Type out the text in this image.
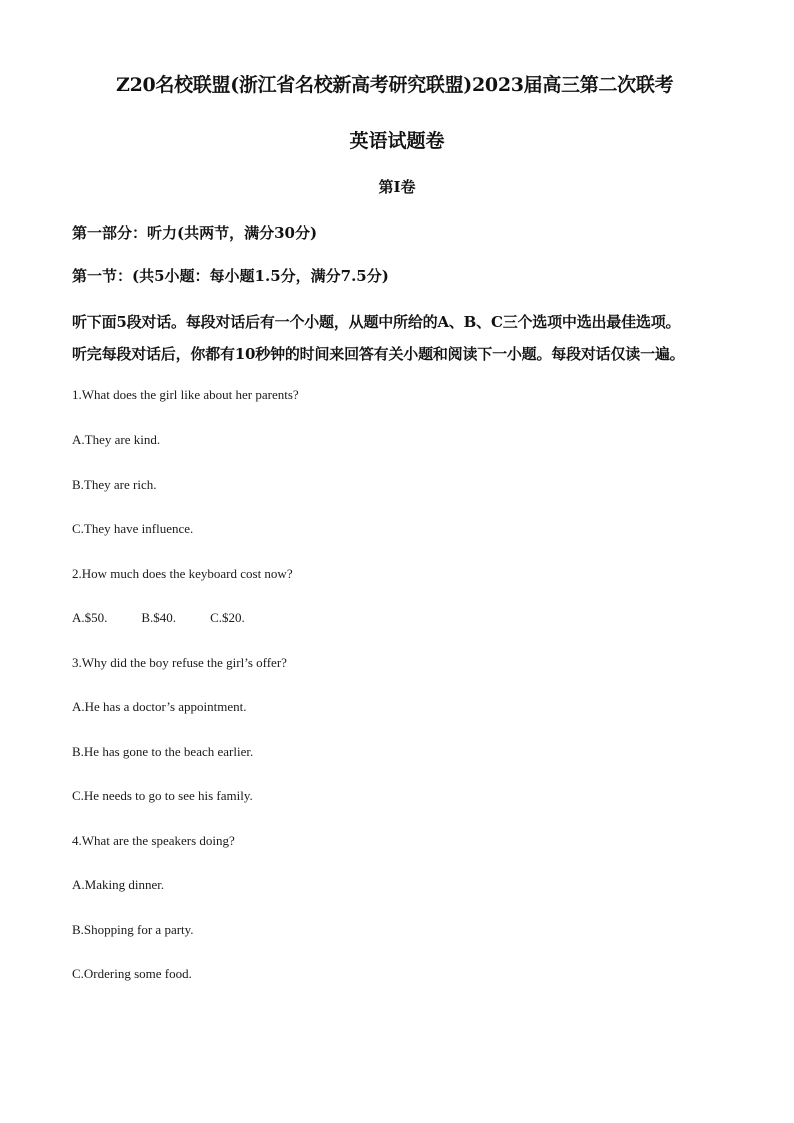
Z20名校联盟(浙江省名校新高考研究联盟)2023届高三第二次联考
英语试题卷
第I卷
第一部分：听力(共两节，满分30分)
第一节：(共5小题：每小题1.5分，满分7.5分)
听下面5段对话。每段对话后有一个小题，从题中所给的A、B、C三个选项中选出最佳选项。
听完每段对话后，你都有10秒钟的时间来回答有关小题和阅读下一小题。每段对话仅读一遍。
1.What does the girl like about her parents?
A.They are kind.
B.They are rich.
C.They have influence.
2.How much does the keyboard cost now?
A.$50.	B.$40.	C.$20.
3.Why did the boy refuse the girl’s offer?
A.He has a doctor’s appointment.
B.He has gone to the beach earlier.
C.He needs to go to see his family.
4.What are the speakers doing?
A.Making dinner.
B.Shopping for a party.
C.Ordering some food.
